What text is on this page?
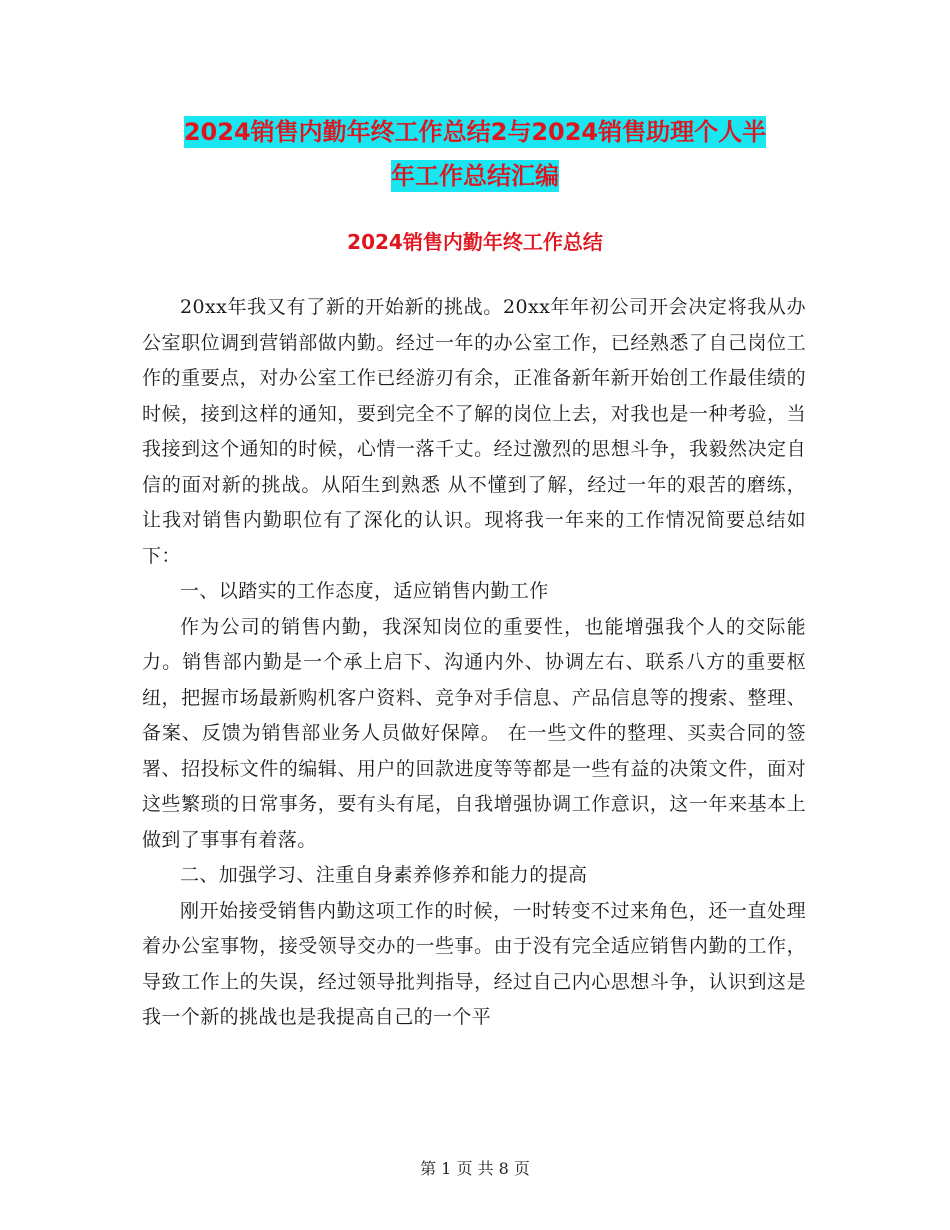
2024销售内勤年终工作总结2与2024销售助理个人半
年工作总结汇编
2024销售内勤年终工作总结

20xx年我又有了新的开始新的挑战。20xx年年初公司开会决定将我从办公室职位调到营销部做内勤。经过一年的办公室工作，已经熟悉了自己岗位工作的重要点，对办公室工作已经游刃有余，正准备新年新开始创工作最佳绩的时候，接到这样的通知，要到完全不了解的岗位上去，对我也是一种考验，当我接到这个通知的时候，心情一落千丈。经过激烈的思想斗争，我毅然决定自信的面对新的挑战。从陌生到熟悉 从不懂到了解，经过一年的艰苦的磨练，让我对销售内勤职位有了深化的认识。现将我一年来的工作情况简要总结如下：

一、以踏实的工作态度，适应销售内勤工作

作为公司的销售内勤，我深知岗位的重要性，也能增强我个人的交际能力。销售部内勤是一个承上启下、沟通内外、协调左右、联系八方的重要枢纽，把握市场最新购机客户资料、竞争对手信息、产品信息等的搜索、整理、备案、反馈为销售部业务人员做好保障。 在一些文件的整理、买卖合同的签署、招投标文件的编辑、用户的回款进度等等都是一些有益的决策文件，面对这些繁琐的日常事务，要有头有尾，自我增强协调工作意识，这一年来基本上做到了事事有着落。

二、加强学习、注重自身素养修养和能力的提高

刚开始接受销售内勤这项工作的时候，一时转变不过来角色，还一直处理着办公室事物，接受领导交办的一些事。由于没有完全适应销售内勤的工作，导致工作上的失误，经过领导批判指导，经过自己内心思想斗争，认识到这是我一个新的挑战也是我提高自己的一个平

第 1 页 共 8 页
